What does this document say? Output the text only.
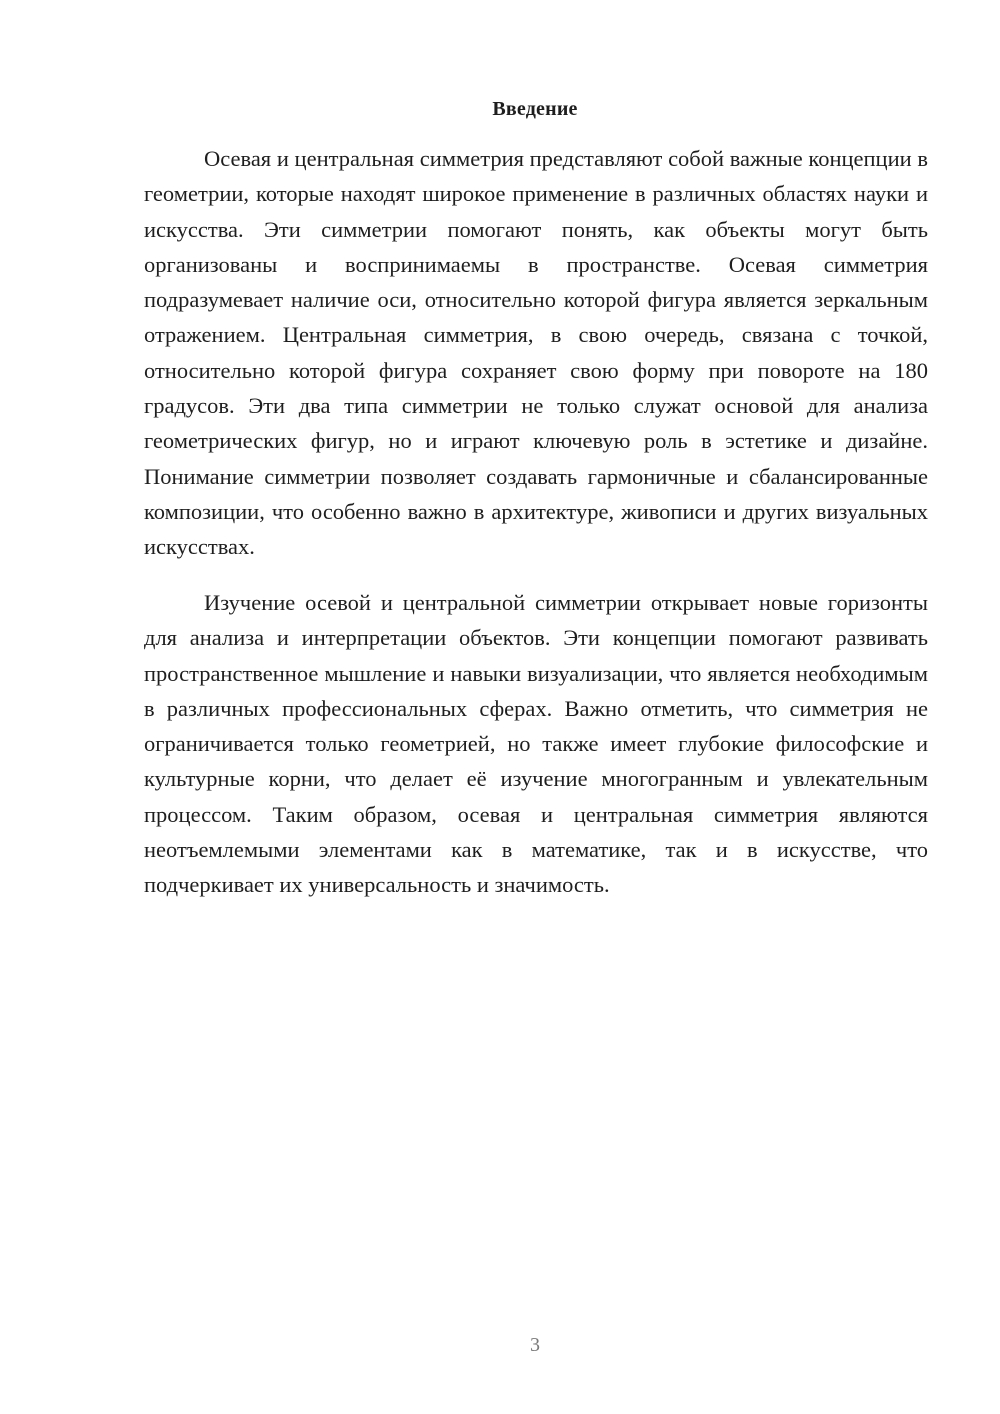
Введение

Осевая и центральная симметрия представляют собой важные концепции в геометрии, которые находят широкое применение в различных областях науки и искусства. Эти симметрии помогают понять, как объекты могут быть организованы и воспринимаемы в пространстве. Осевая симметрия подразумевает наличие оси, относительно которой фигура является зеркальным отражением. Центральная симметрия, в свою очередь, связана с точкой, относительно которой фигура сохраняет свою форму при повороте на 180 градусов. Эти два типа симметрии не только служат основой для анализа геометрических фигур, но и играют ключевую роль в эстетике и дизайне. Понимание симметрии позволяет создавать гармоничные и сбалансированные композиции, что особенно важно в архитектуре, живописи и других визуальных искусствах.

Изучение осевой и центральной симметрии открывает новые горизонты для анализа и интерпретации объектов. Эти концепции помогают развивать пространственное мышление и навыки визуализации, что является необходимым в различных профессиональных сферах. Важно отметить, что симметрия не ограничивается только геометрией, но также имеет глубокие философские и культурные корни, что делает её изучение многогранным и увлекательным процессом. Таким образом, осевая и центральная симметрия являются неотъемлемыми элементами как в математике, так и в искусстве, что подчеркивает их универсальность и значимость.

3
